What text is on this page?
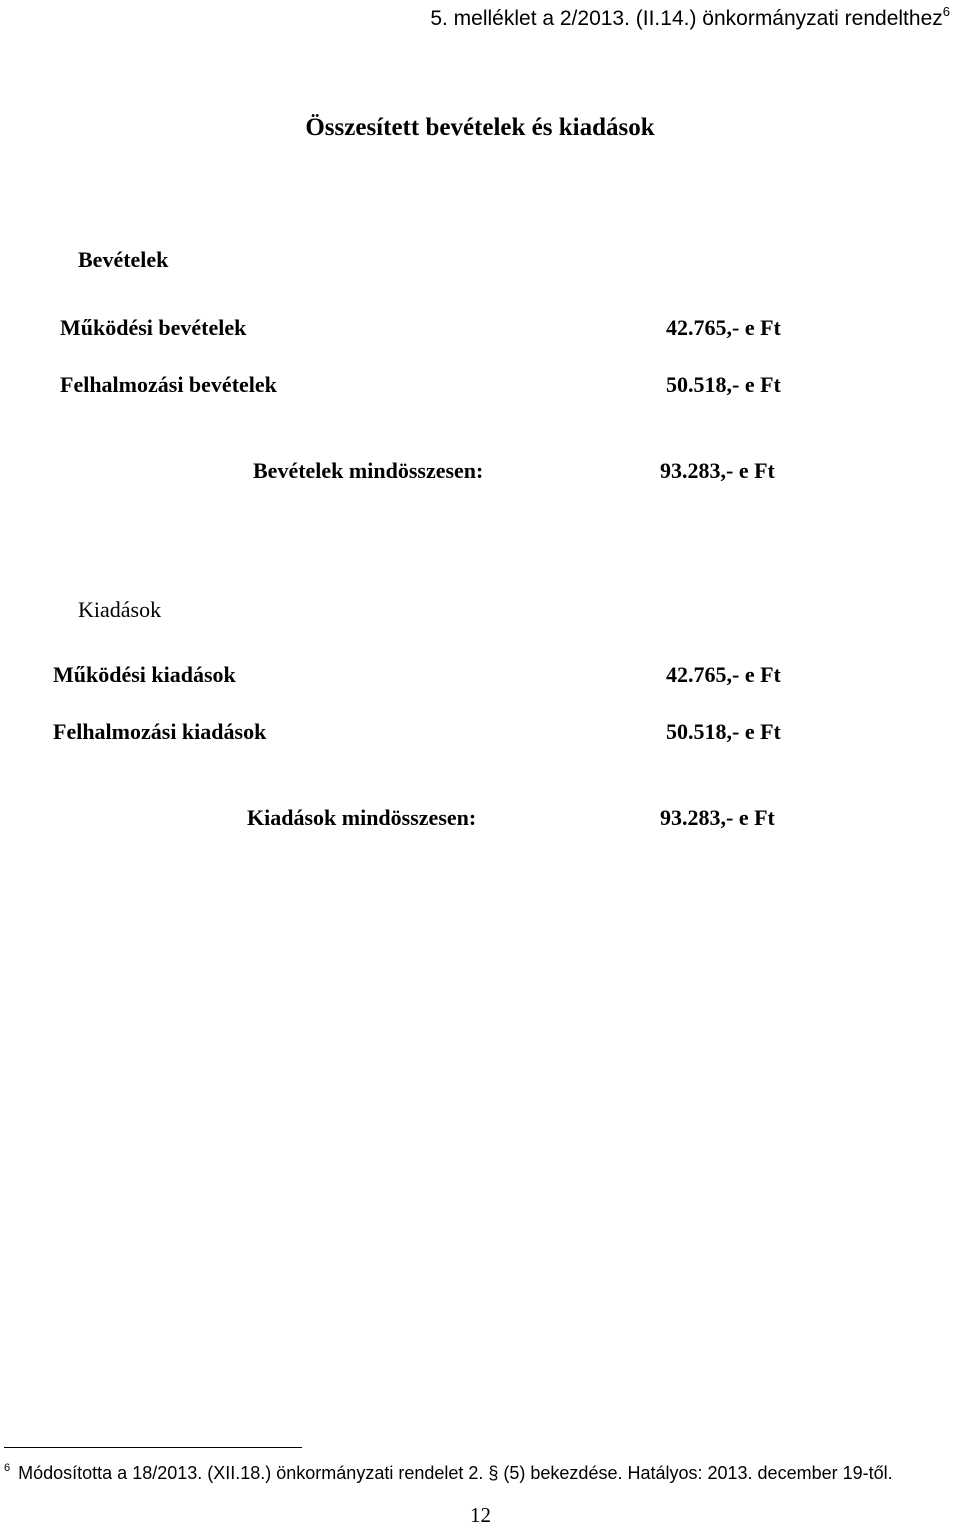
5. melléklet a 2/2013. (II.14.) önkormányzati rendelthez$^6$
Összesített bevételek és kiadások
Bevételek
Működési bevételek	42.765,- e Ft
Felhalmozási bevételek	50.518,- e Ft
Bevételek mindösszesen:	93.283,- e Ft
Kiadások
Működési kiadások	42.765,- e Ft
Felhalmozási kiadások	50.518,- e Ft
Kiadások mindösszesen:	93.283,- e Ft
$^6$ Módosította a 18/2013. (XII.18.) önkormányzati rendelet 2. § (5) bekezdése. Hatályos: 2013. december 19-től.
12
